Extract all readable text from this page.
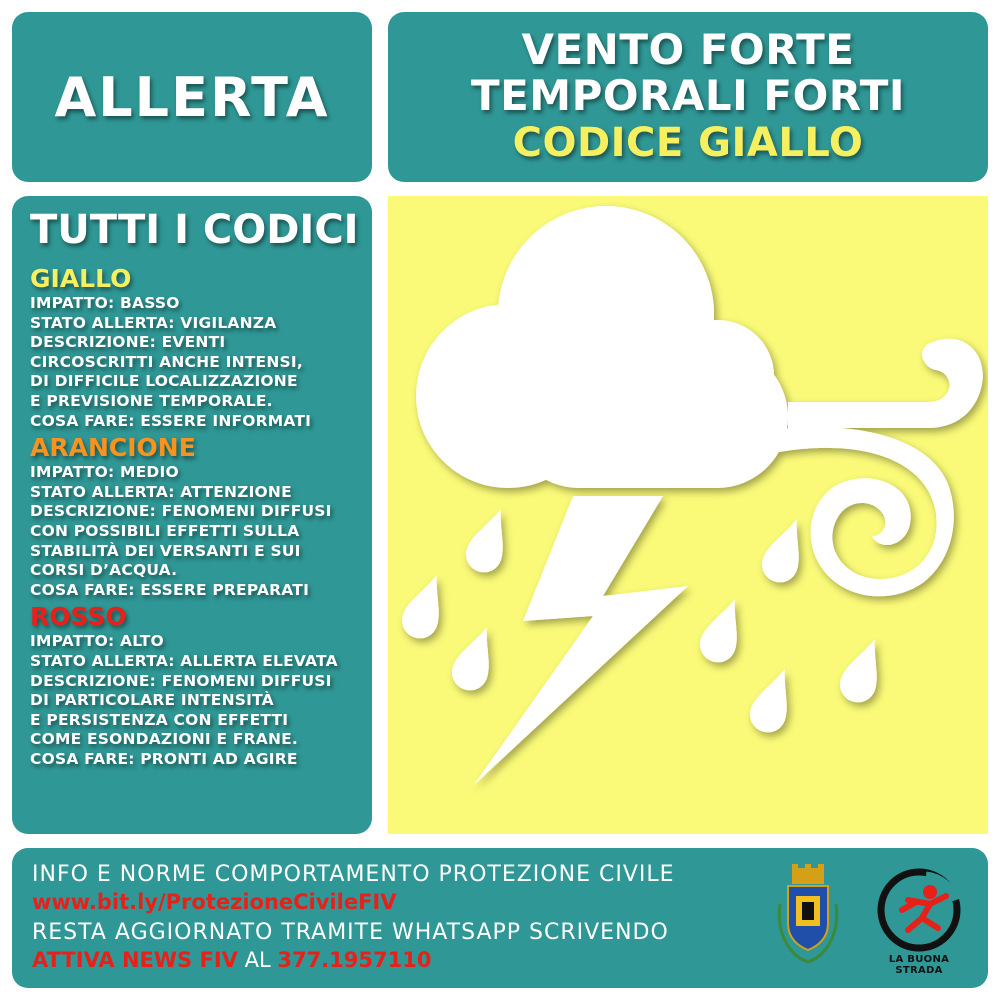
ALLERTA
VENTO FORTE
TEMPORALI FORTI
CODICE GIALLO
TUTTI I CODICI
GIALLO
IMPATTO: BASSO
STATO ALLERTA: VIGILANZA
DESCRIZIONE: EVENTI
CIRCOSCRITTI ANCHE INTENSI,
DI DIFFICILE LOCALIZZAZIONE
E PREVISIONE TEMPORALE.
COSA FARE: ESSERE INFORMATI
ARANCIONE
IMPATTO: MEDIO
STATO ALLERTA: ATTENZIONE
DESCRIZIONE: FENOMENI DIFFUSI
CON POSSIBILI EFFETTI SULLA
STABILITÀ DEI VERSANTI E SUI
CORSI D’ACQUA.
COSA FARE: ESSERE PREPARATI
ROSSO
IMPATTO: ALTO
STATO ALLERTA: ALLERTA ELEVATA
DESCRIZIONE: FENOMENI DIFFUSI
DI PARTICOLARE INTENSITÀ
E PERSISTENZA CON EFFETTI
COME ESONDAZIONI E FRANE.
COSA FARE: PRONTI AD AGIRE
INFO E NORME COMPORTAMENTO PROTEZIONE CIVILE
www.bit.ly/ProtezioneCivileFIV
RESTA AGGIORNATO TRAMITE WHATSAPP SCRIVENDO
ATTIVA NEWS FIV AL 377.1957110	LA BUONA STRADA
